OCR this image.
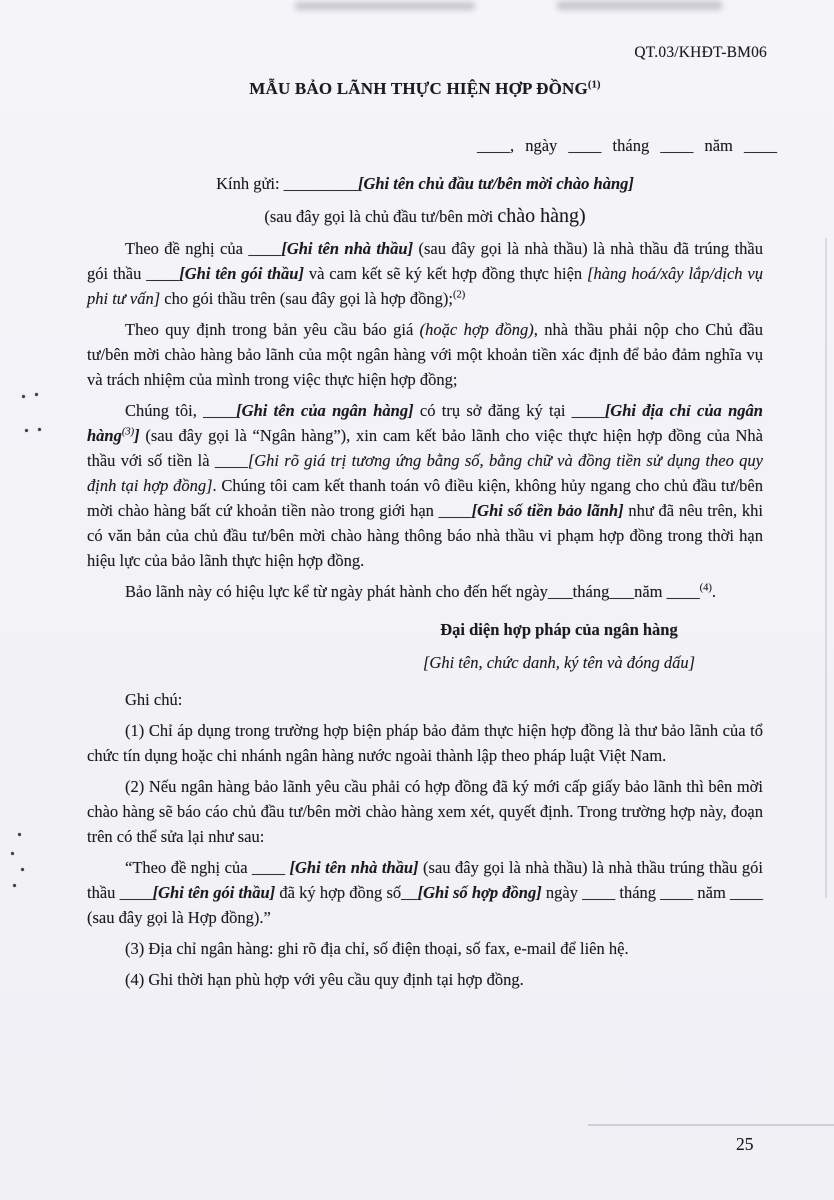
QT.03/KHĐT-BM06
MẪU BẢO LÃNH THỰC HIỆN HỢP ĐỒNG$^{(1)}$
____, ngày ____ tháng ____ năm ____
Kính gửi: _________[Ghi tên chủ đầu tư/bên mời chào hàng]
(sau đây gọi là chủ đầu tư/bên mời chào hàng)

Theo đề nghị của ____[Ghi tên nhà thầu] (sau đây gọi là nhà thầu) là nhà thầu đã trúng thầu gói thầu ____[Ghi tên gói thầu] và cam kết sẽ ký kết hợp đồng thực hiện [hàng hoá/xây lắp/dịch vụ phi tư vấn] cho gói thầu trên (sau đây gọi là hợp đồng);$^{(2)}$

Theo quy định trong bản yêu cầu báo giá (hoặc hợp đồng), nhà thầu phải nộp cho Chủ đầu tư/bên mời chào hàng bảo lãnh của một ngân hàng với một khoản tiền xác định để bảo đảm nghĩa vụ và trách nhiệm của mình trong việc thực hiện hợp đồng;

Chúng tôi, ____[Ghi tên của ngân hàng] có trụ sở đăng ký tại ____[Ghi địa chỉ của ngân hàng$^{(3)}$] (sau đây gọi là “Ngân hàng”), xin cam kết bảo lãnh cho việc thực hiện hợp đồng của Nhà thầu với số tiền là ____[Ghi rõ giá trị tương ứng bằng số, bằng chữ và đồng tiền sử dụng theo quy định tại hợp đồng]. Chúng tôi cam kết thanh toán vô điều kiện, không hủy ngang cho chủ đầu tư/bên mời chào hàng bất cứ khoản tiền nào trong giới hạn ____[Ghi số tiền bảo lãnh] như đã nêu trên, khi có văn bản của chủ đầu tư/bên mời chào hàng thông báo nhà thầu vi phạm hợp đồng trong thời hạn hiệu lực của bảo lãnh thực hiện hợp đồng.

Bảo lãnh này có hiệu lực kể từ ngày phát hành cho đến hết ngày___tháng___năm ____$^{(4)}$.

Đại diện hợp pháp của ngân hàng

[Ghi tên, chức danh, ký tên và đóng dấu]

Ghi chú:

(1) Chỉ áp dụng trong trường hợp biện pháp bảo đảm thực hiện hợp đồng là thư bảo lãnh của tổ chức tín dụng hoặc chi nhánh ngân hàng nước ngoài thành lập theo pháp luật Việt Nam.

(2) Nếu ngân hàng bảo lãnh yêu cầu phải có hợp đồng đã ký mới cấp giấy bảo lãnh thì bên mời chào hàng sẽ báo cáo chủ đầu tư/bên mời chào hàng xem xét, quyết định. Trong trường hợp này, đoạn trên có thể sửa lại như sau:

“Theo đề nghị của ____ [Ghi tên nhà thầu] (sau đây gọi là nhà thầu) là nhà thầu trúng thầu gói thầu ____[Ghi tên gói thầu] đã ký hợp đồng số__[Ghi số hợp đồng] ngày ____ tháng ____ năm ____ (sau đây gọi là Hợp đồng).”

(3) Địa chỉ ngân hàng: ghi rõ địa chỉ, số điện thoại, số fax, e-mail để liên hệ.

(4) Ghi thời hạn phù hợp với yêu cầu quy định tại hợp đồng.

25
